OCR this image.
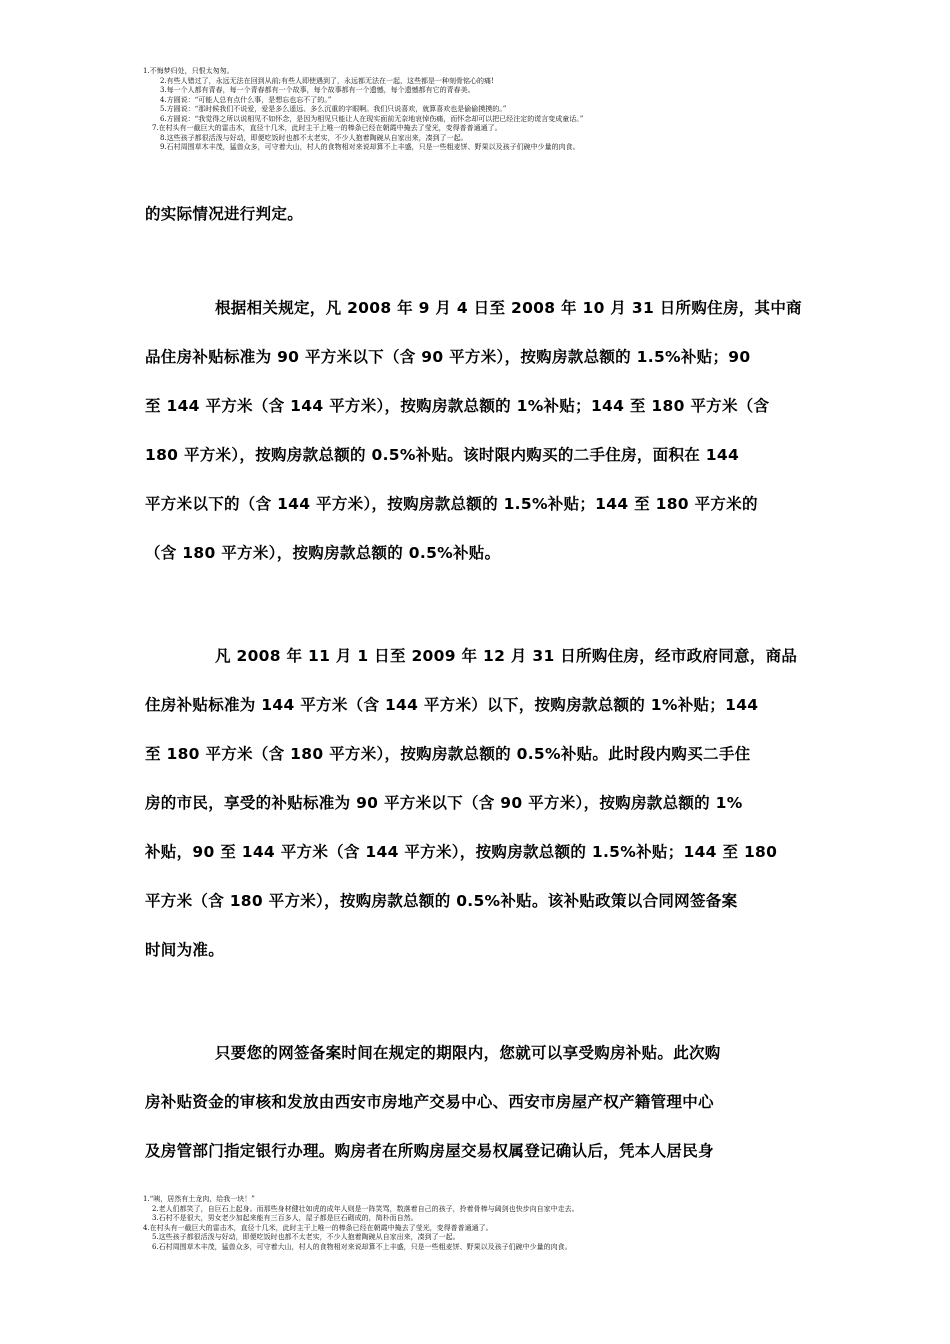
1.不悔梦归处，只恨太匆匆。
2.有些人错过了，永远无法在回到从前;有些人即使遇到了，永远都无法在一起，这些都是一种刻骨铭心的痛!
3.每一个人都有青春，每一个青春都有一个故事，每个故事都有一个遗憾，每个遗憾都有它的青春美。
4.方圆说：“可能人总有点什么事，是想忘也忘不了的。”
5.方圆说：“那时候我们不说爱，爱是多么遥远、多么沉重的字眼啊。我们只说喜欢，就算喜欢也是偷偷摸摸的。”
6.方圆说：“我觉得之所以说相见不如怀念，是因为相见只能让人在现实面前无奈地哀悼伤痛，而怀念却可以把已经注定的谎言变成童话。”
7.在村头有一截巨大的雷击木，直径十几米，此时主干上唯一的棒条已经在朝霞中掩去了莹光，变得普普通通了。
8.这些孩子都很活泼与好动，即便吃饭时也都不太老实，不少人抱着陶碗从自家出来，凑到了一起。
9.石村周围草木丰茂，猛兽众多，可守着大山，村人的食物相对来说却算不上丰盛，只是一些粗麦饼、野果以及孩子们碗中少量的肉食。
的实际情况进行判定。
根据相关规定，凡 2008 年 9 月 4 日至 2008 年 10 月 31 日所购住房，其中商
品住房补贴标准为 90 平方米以下（含 90 平方米），按购房款总额的 1.5%补贴；90
至 144 平方米（含 144 平方米），按购房款总额的 1%补贴；144 至 180 平方米（含
180 平方米），按购房款总额的 0.5%补贴。该时限内购买的二手住房，面积在 144
平方米以下的（含 144 平方米），按购房款总额的 1.5%补贴；144 至 180 平方米的
（含 180 平方米），按购房款总额的 0.5%补贴。
凡 2008 年 11 月 1 日至 2009 年 12 月 31 日所购住房，经市政府同意，商品
住房补贴标准为 144 平方米（含 144 平方米）以下，按购房款总额的 1%补贴；144
至 180 平方米（含 180 平方米），按购房款总额的 0.5%补贴。此时段内购买二手住
房的市民，享受的补贴标准为 90 平方米以下（含 90 平方米），按购房款总额的 1%
补贴，90 至 144 平方米（含 144 平方米），按购房款总额的 1.5%补贴；144 至 180
平方米（含 180 平方米），按购房款总额的 0.5%补贴。该补贴政策以合同网签备案
时间为准。
只要您的网签备案时间在规定的期限内，您就可以享受购房补贴。此次购
房补贴资金的审核和发放由西安市房地产交易中心、西安市房屋产权产籍管理中心
及房管部门指定银行办理。购房者在所购房屋交易权属登记确认后，凭本人居民身
1.“咦，居然有土龙肉，给我一块！”
2.老人们都笑了，自巨石上起身。而那些身材健壮如虎的成年人则是一阵笑骂，数落着自己的孩子，拎着骨棒与阔剑也快步向自家中走去。
3.石村不是很大，男女老少加起来能有三百多人，屋子都是巨石砌成的，简朴而自然。
4.在村头有一截巨大的雷击木，直径十几米，此时主干上唯一的棒条已经在朝霞中掩去了莹光，变得普普通通了。
5.这些孩子都很活泼与好动，即便吃饭时也都不太老实，不少人抱着陶碗从自家出来，凑到了一起。
6.石村周围草木丰茂，猛兽众多，可守着大山，村人的食物相对来说却算不上丰盛，只是一些粗麦饼、野果以及孩子们碗中少量的肉食。
